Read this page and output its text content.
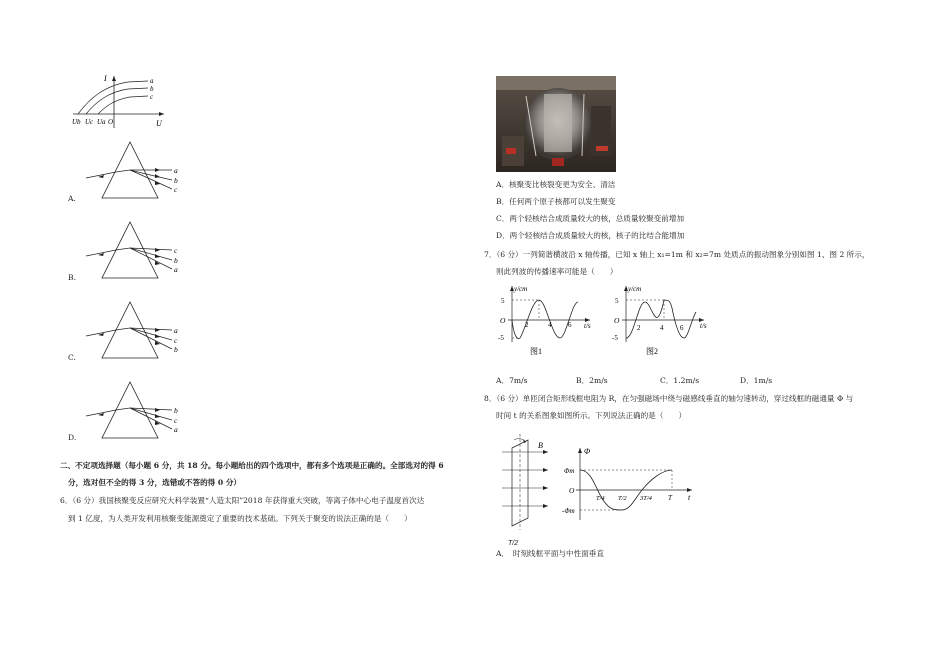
I
U
a
b
c
Ub Uc Ua O
a
b
c
A.
c
b
a
B.
a
c
b
C.
b
c
a
D.
二、不定项选择题（每小题 6 分，共 18 分。每小题给出的四个选项中，都有多个选项是正确的。全部选对的得 6
分，选对但不全的得 3 分，选错或不答的得 0 分）
6．（6 分）我国核聚变反应研究大科学装置“人造太阳”2018 年获得重大突破，等离子体中心电子温度首次达
到 1 亿度，为人类开发利用核聚变能源奠定了重要的技术基础。下列关于聚变的说法正确的是（　　）
A．核聚变比核裂变更为安全、清洁
B．任何两个原子核都可以发生聚变
C．两个轻核结合成质量较大的核，总质量较聚变前增加
D．两个轻核结合成质量较大的核，核子的比结合能增加
7．（6 分）一列简谐横波沿 x 轴传播，已知 x 轴上 x₁=1m 和 x₂=7m 处质点的振动图象分别如图 1、图 2 所示，
则此列波的传播速率可能是（　　）
y/cm
5
O
-5
2	4 6 t/s
图1
y/cm
5
O
-5
2	4 6 t/s
图2
A．7m/s	B．2m/s	C．1.2m/s	D．1m/s
8．（6 分）单匝闭合矩形线框电阻为 R，在匀强磁场中绕与磁感线垂直的轴匀速转动，穿过线框的磁通量 Φ 与
时间 t 的关系图象如图所示。下列说法正确的是（　　）
B
Φ
Φm
O
-Φm
T/4 T/2 3T/4 T t
T/2
A．　时刻线框平面与中性面垂直
